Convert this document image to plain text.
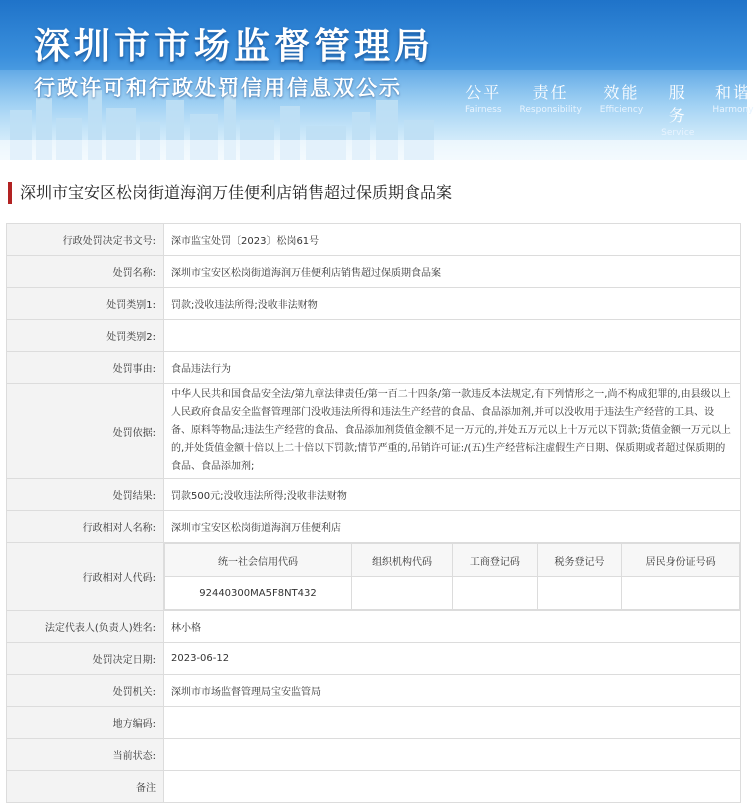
深圳市市场监督管理局
行政许可和行政处罚信用信息双公示	公平
Fairness
责任
Responsibility
效能
Efficiency
服务
Service
和谐
Harmony
深圳市宝安区松岗街道海润万佳便利店销售超过保质期食品案
行政处罚决定书文号:	深市监宝处罚〔2023〕松岗61号
处罚名称:	深圳市宝安区松岗街道海润万佳便利店销售超过保质期食品案
处罚类别1:	罚款;没收违法所得;没收非法财物
处罚类别2:	
处罚事由:	食品违法行为
处罚依据:	中华人民共和国食品安全法/第九章法律责任/第一百二十四条/第一款违反本法规定,有下列情形之一,尚不构成犯罪的,由县级以上人民政府食品安全监督管理部门没收违法所得和违法生产经营的食品、食品添加剂,并可以没收用于违法生产经营的工具、设备、原料等物品;违法生产经营的食品、食品添加剂货值金额不足一万元的,并处五万元以上十万元以下罚款;货值金额一万元以上的,并处货值金额十倍以上二十倍以下罚款;情节严重的,吊销许可证:/(五)生产经营标注虚假生产日期、保质期或者超过保质期的食品、食品添加剂;
处罚结果:	罚款500元;没收违法所得;没收非法财物
行政相对人名称:	深圳市宝安区松岗街道海润万佳便利店
行政相对人代码:	
统一社会信用代码	组织机构代码	工商登记码	税务登记号	居民身份证号码
92440300MA5F8NT432				

法定代表人(负责人)姓名:	林小格
处罚决定日期:	2023-06-12
处罚机关:	深圳市市场监督管理局宝安监管局
地方编码:	
当前状态:	
备注	
